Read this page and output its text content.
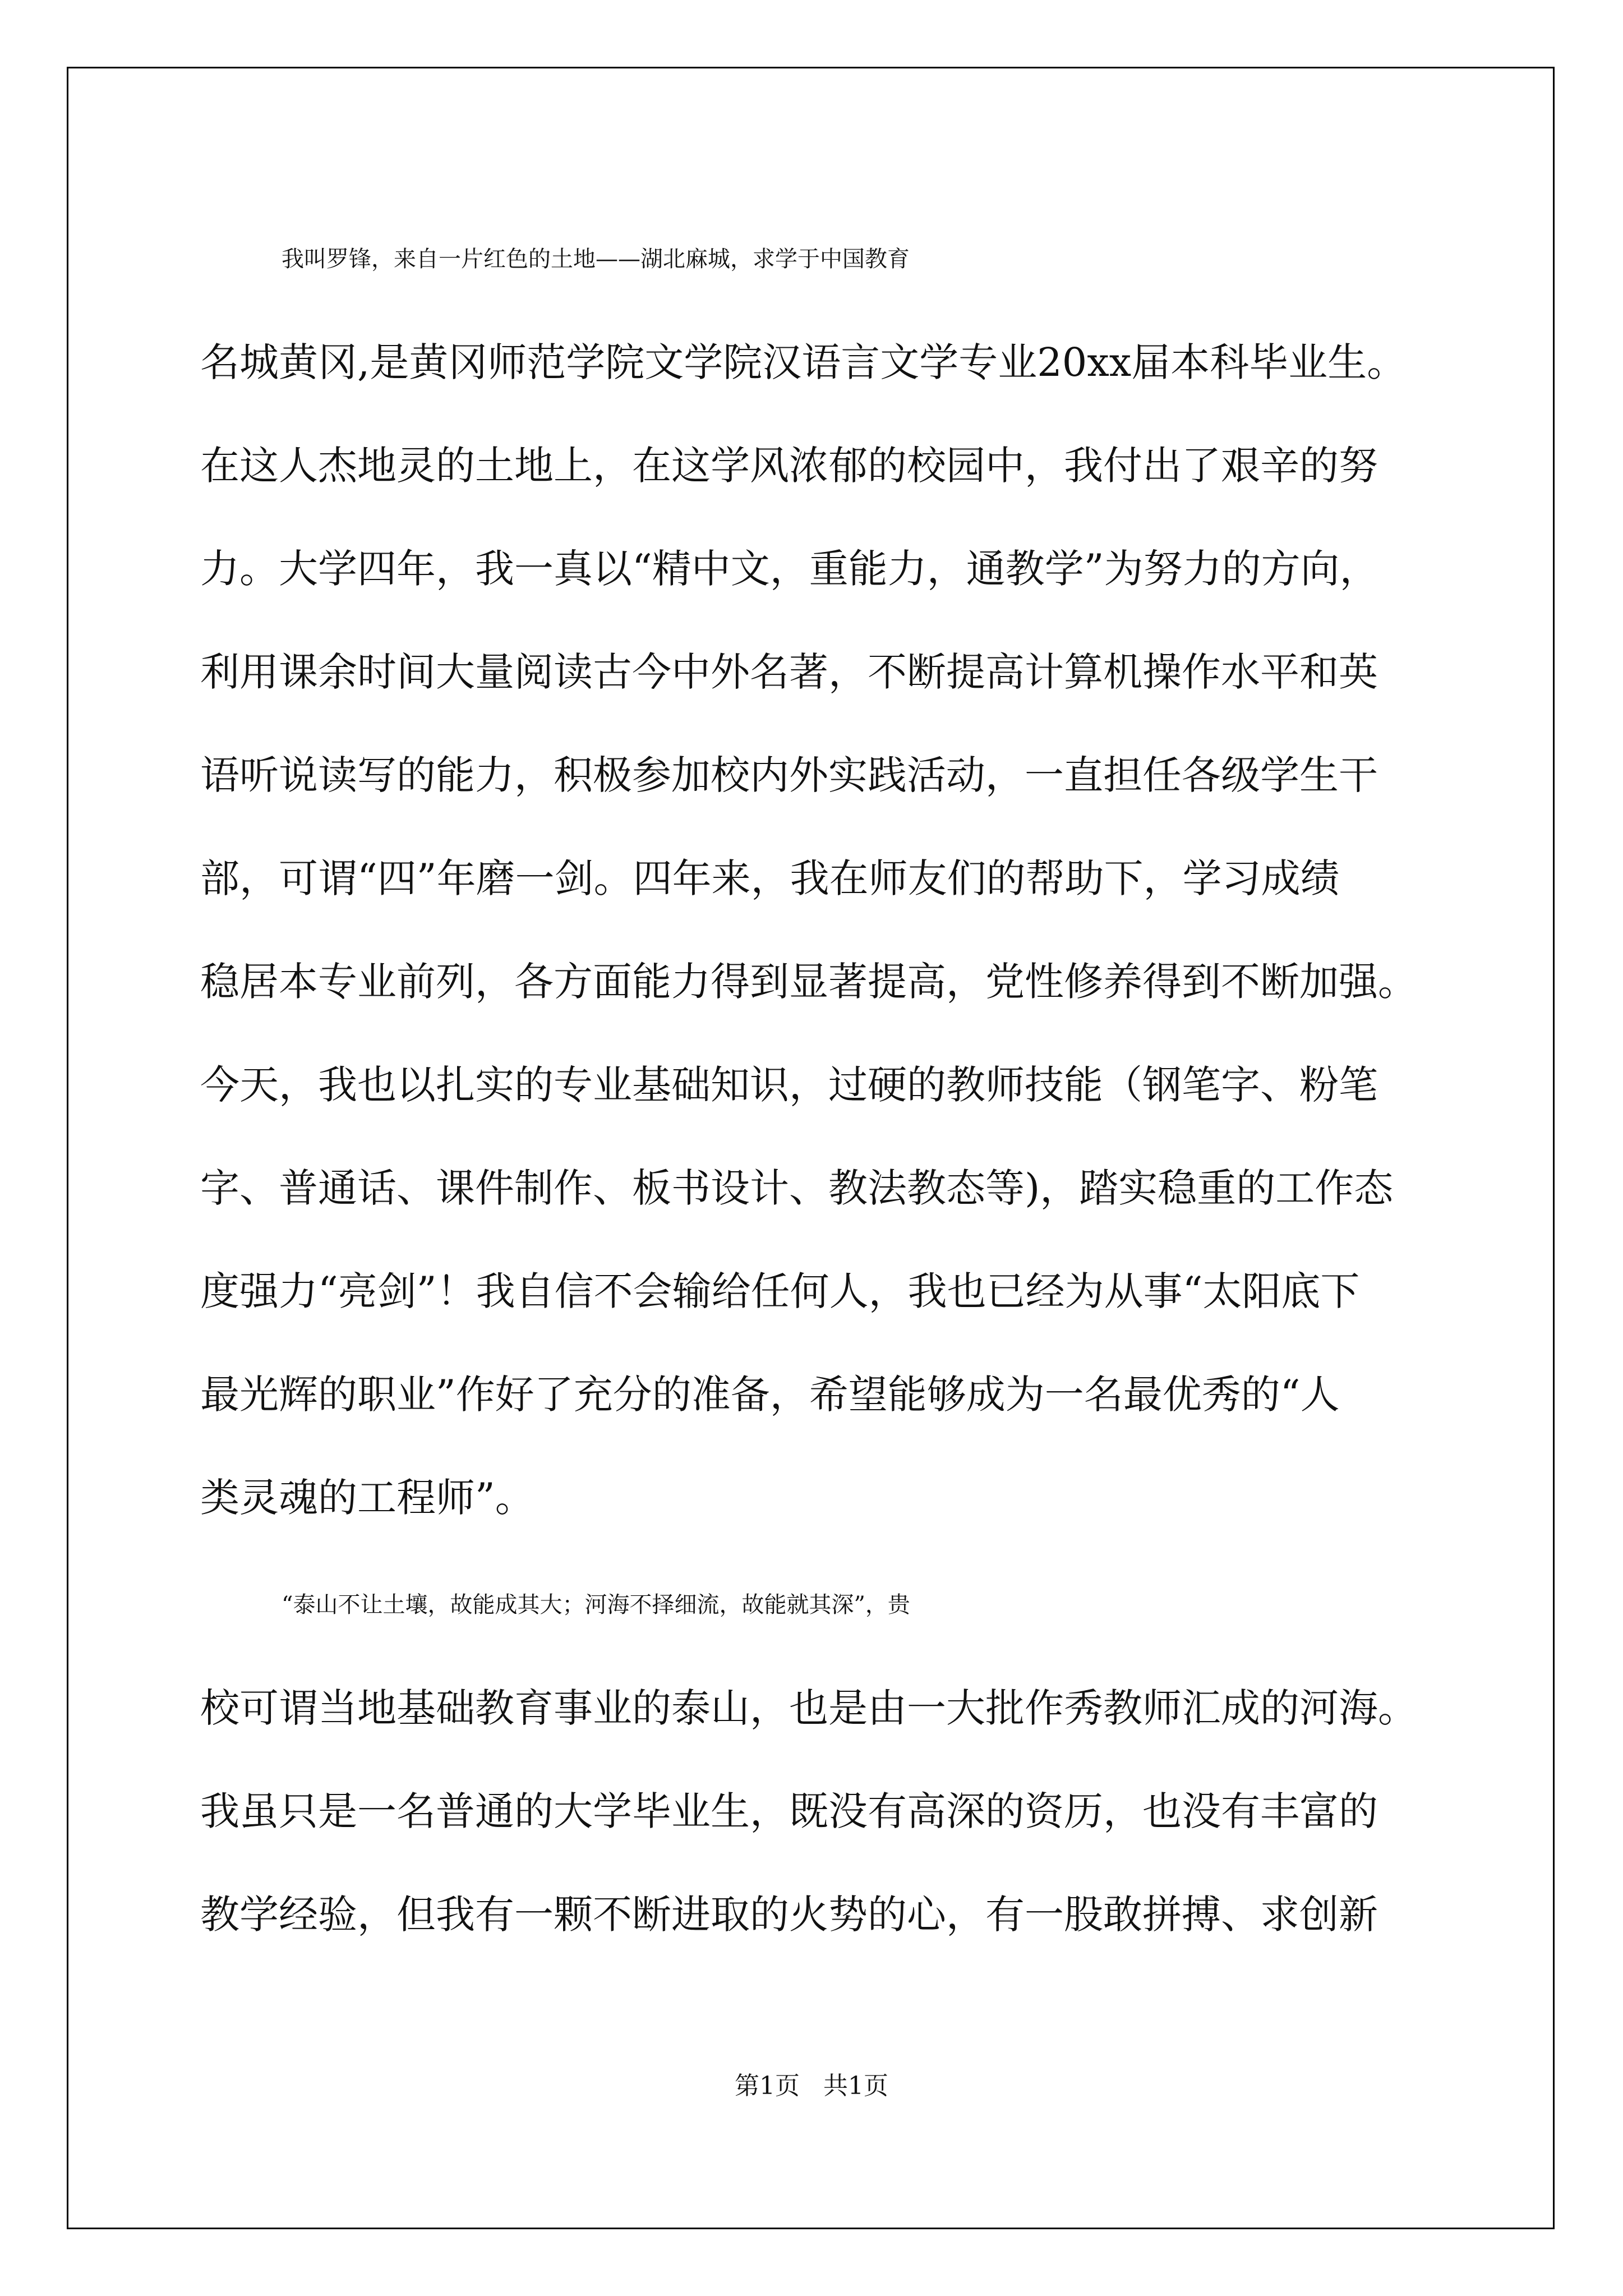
我叫罗锋，来自一片红色的土地——湖北麻城，求学于中国教育
名城黄冈,是黄冈师范学院文学院汉语言文学专业20xx届本科毕业生。
在这人杰地灵的土地上，在这学风浓郁的校园中，我付出了艰辛的努
力。大学四年，我一真以“精中文，重能力，通教学”为努力的方向，
利用课余时间大量阅读古今中外名著，不断提高计算机操作水平和英
语听说读写的能力，积极参加校内外实践活动，一直担任各级学生干
部，可谓“四”年磨一剑。四年来，我在师友们的帮助下，学习成绩
稳居本专业前列，各方面能力得到显著提高，党性修养得到不断加强。
今天，我也以扎实的专业基础知识，过硬的教师技能（钢笔字、粉笔
字、普通话、课件制作、板书设计、教法教态等)，踏实稳重的工作态
度强力“亮剑”！我自信不会输给任何人，我也已经为从事“太阳底下
最光辉的职业”作好了充分的准备，希望能够成为一名最优秀的“人
类灵魂的工程师”。
“泰山不让土壤，故能成其大；河海不择细流，故能就其深”，贵
校可谓当地基础教育事业的泰山，也是由一大批作秀教师汇成的河海。
我虽只是一名普通的大学毕业生，既没有高深的资历，也没有丰富的
教学经验，但我有一颗不断进取的火势的心，有一股敢拼搏、求创新
第1页   共1页
